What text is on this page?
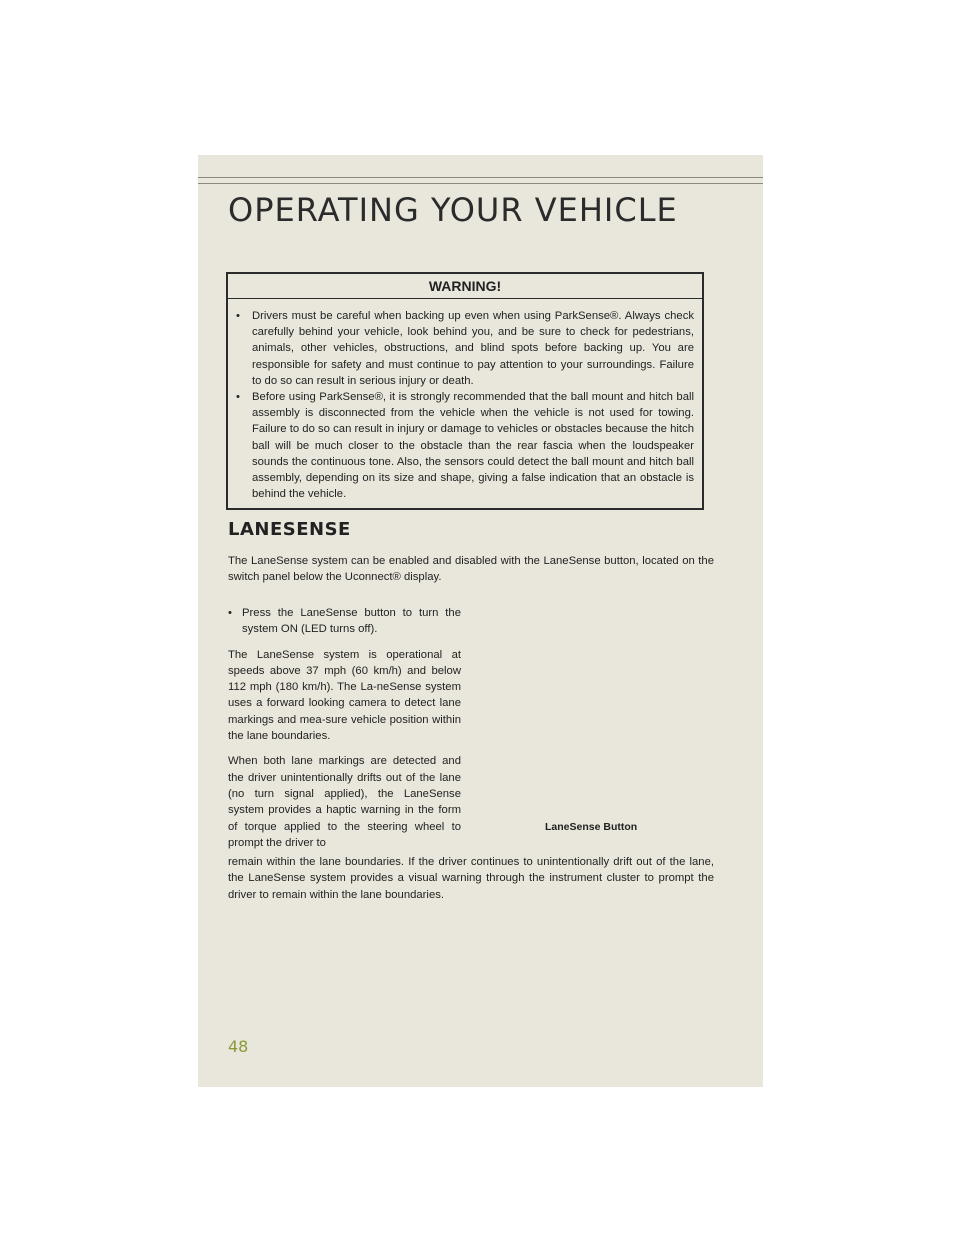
OPERATING YOUR VEHICLE
WARNING!
• Drivers must be careful when backing up even when using ParkSense®. Always check carefully behind your vehicle, look behind you, and be sure to check for pedestrians, animals, other vehicles, obstructions, and blind spots before backing up. You are responsible for safety and must continue to pay attention to your surroundings. Failure to do so can result in serious injury or death.
• Before using ParkSense®, it is strongly recommended that the ball mount and hitch ball assembly is disconnected from the vehicle when the vehicle is not used for towing. Failure to do so can result in injury or damage to vehicles or obstacles because the hitch ball will be much closer to the obstacle than the rear fascia when the loudspeaker sounds the continuous tone. Also, the sensors could detect the ball mount and hitch ball assembly, depending on its size and shape, giving a false indication that an obstacle is behind the vehicle.
LANESENSE

The LaneSense system can be enabled and disabled with the LaneSense button, located on the switch panel below the Uconnect® display.

• Press the LaneSense button to turn the system ON (LED turns off).

The LaneSense system is operational at speeds above 37 mph (60 km/h) and below 112 mph (180 km/h). The La-neSense system uses a forward looking camera to detect lane markings and mea-sure vehicle position within the lane boundaries.

When both lane markings are detected and the driver unintentionally drifts out of the lane (no turn signal applied), the LaneSense system provides a haptic warning in the form of torque applied to the steering wheel to prompt the driver to

LaneSense Button

remain within the lane boundaries. If the driver continues to unintentionally drift out of the lane, the LaneSense system provides a visual warning through the instrument cluster to prompt the driver to remain within the lane boundaries.

48
